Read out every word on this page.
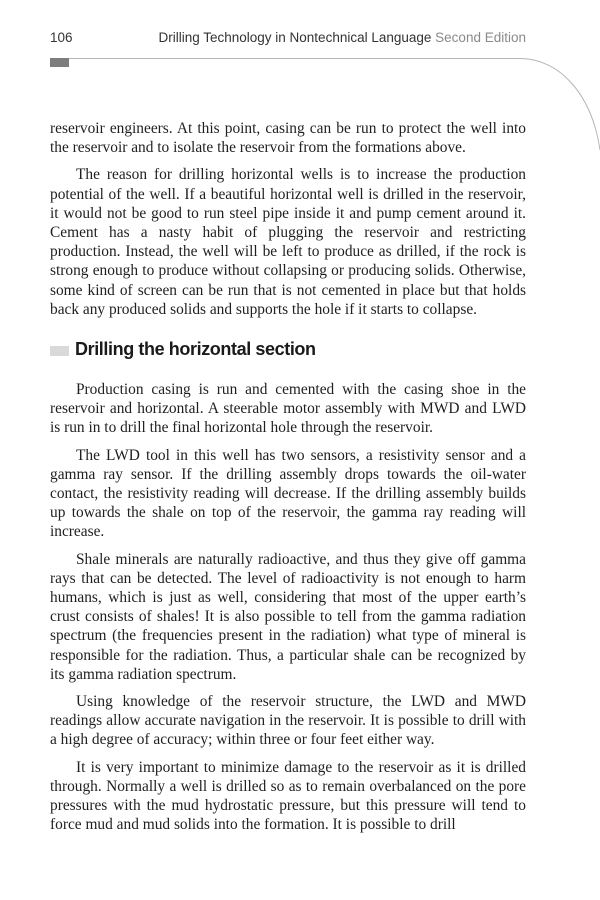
106	Drilling Technology in Nontechnical Language Second Edition

reservoir engineers. At this point, casing can be run to protect the well into the reservoir and to isolate the reservoir from the formations above.

The reason for drilling horizontal wells is to increase the production potential of the well. If a beautiful horizontal well is drilled in the reservoir, it would not be good to run steel pipe inside it and pump cement around it. Cement has a nasty habit of plugging the reservoir and restricting production. Instead, the well will be left to produce as drilled, if the rock is strong enough to produce without collapsing or producing solids. Otherwise, some kind of screen can be run that is not cemented in place but that holds back any produced solids and supports the hole if it starts to collapse.

Drilling the horizontal section

Production casing is run and cemented with the casing shoe in the reservoir and horizontal. A steerable motor assembly with MWD and LWD is run in to drill the final horizontal hole through the reservoir.

The LWD tool in this well has two sensors, a resistivity sensor and a gamma ray sensor. If the drilling assembly drops towards the oil-water contact, the resistivity reading will decrease. If the drilling assembly builds up towards the shale on top of the reservoir, the gamma ray reading will increase.

Shale minerals are naturally radioactive, and thus they give off gamma rays that can be detected. The level of radioactivity is not enough to harm humans, which is just as well, considering that most of the upper earth’s crust consists of shales! It is also possible to tell from the gamma radiation spectrum (the frequencies present in the radiation) what type of mineral is responsible for the radiation. Thus, a particular shale can be recognized by its gamma radiation spectrum.

Using knowledge of the reservoir structure, the LWD and MWD readings allow accurate navigation in the reservoir. It is possible to drill with a high degree of accuracy; within three or four feet either way.

It is very important to minimize damage to the reservoir as it is drilled through. Normally a well is drilled so as to remain overbalanced on the pore pressures with the mud hydrostatic pressure, but this pressure will tend to force mud and mud solids into the formation. It is possible to drill
